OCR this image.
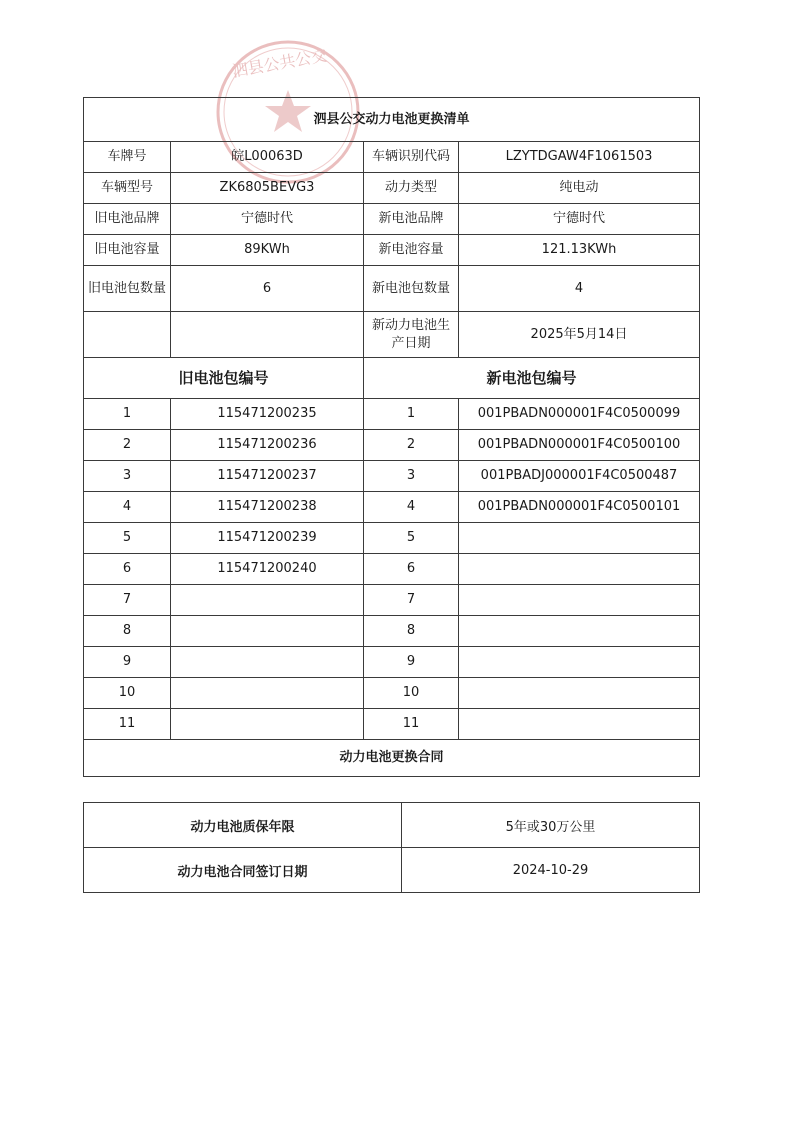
泗县公共公交
泗县公交动力电池更换清单			
车牌号	皖L00063D	车辆识别代码	LZYTDGAW4F1061503
车辆型号	ZK6805BEVG3	动力类型	纯电动
旧电池品牌	宁德时代	新电池品牌	宁德时代
旧电池容量	89KWh	新电池容量	121.13KWh
旧电池包数量	6	新电池包数量	4
		新动力电池生产日期	2025年5月14日
旧电池包编号		新电池包编号	
1	115471200235	1	001PBADN000001F4C0500099
2	115471200236	2	001PBADN000001F4C0500100
3	115471200237	3	001PBADJ000001F4C0500487
4	115471200238	4	001PBADN000001F4C0500101
5	115471200239	5	
6	115471200240	6	
7		7	
8		8	
9		9	
10		10	
11		11	
动力电池更换合同			
动力电池质保年限	5年或30万公里
动力电池合同签订日期	2024-10-29
